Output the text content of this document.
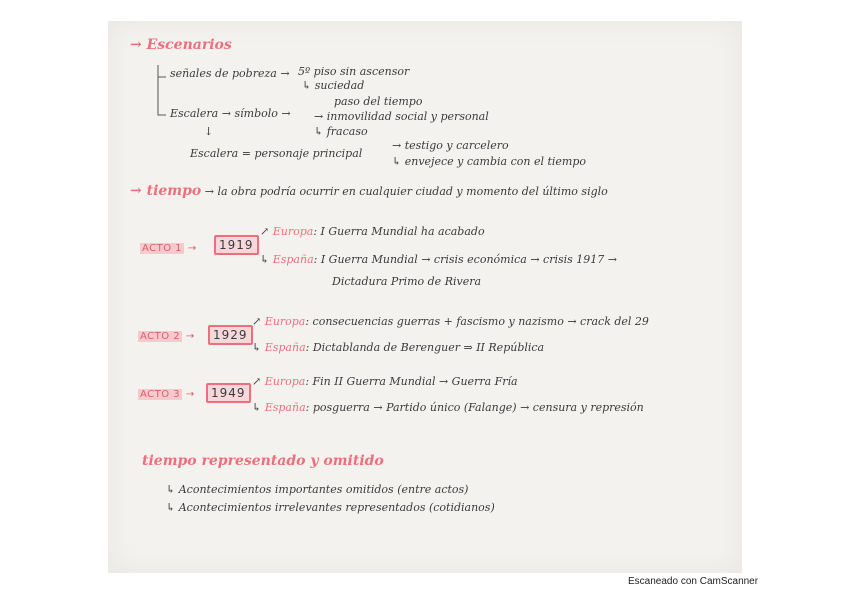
→ Escenarios
señales de pobreza → 5º piso sin ascensor
↳ suciedad
Escalera → símbolo →
paso del tiempo
→ inmovilidad social y personal
↳ fracaso
↓
Escalera = personaje principal
→ testigo y carcelero
↳ envejece y cambia con el tiempo
→ tiempo → la obra podría ocurrir en cualquier ciudad y momento del último siglo
ACTO 1 →	1919
↗ Europa: I Guerra Mundial ha acabado
↳ España: I Guerra Mundial → crisis económica → crisis 1917 →
Dictadura Primo de Rivera
ACTO 2 →	1929
↗ Europa: consecuencias guerras + fascismo y nazismo → crack del 29
↳ España: Dictablanda de Berenguer ⇒ II República
ACTO 3 →	1949
↗ Europa: Fin II Guerra Mundial → Guerra Fría
↳ España: posguerra → Partido único (Falange) → censura y represión
tiempo representado y omitido
↳ Acontecimientos importantes omitidos (entre actos)
↳ Acontecimientos irrelevantes representados (cotidianos)
Escaneado con CamScanner
